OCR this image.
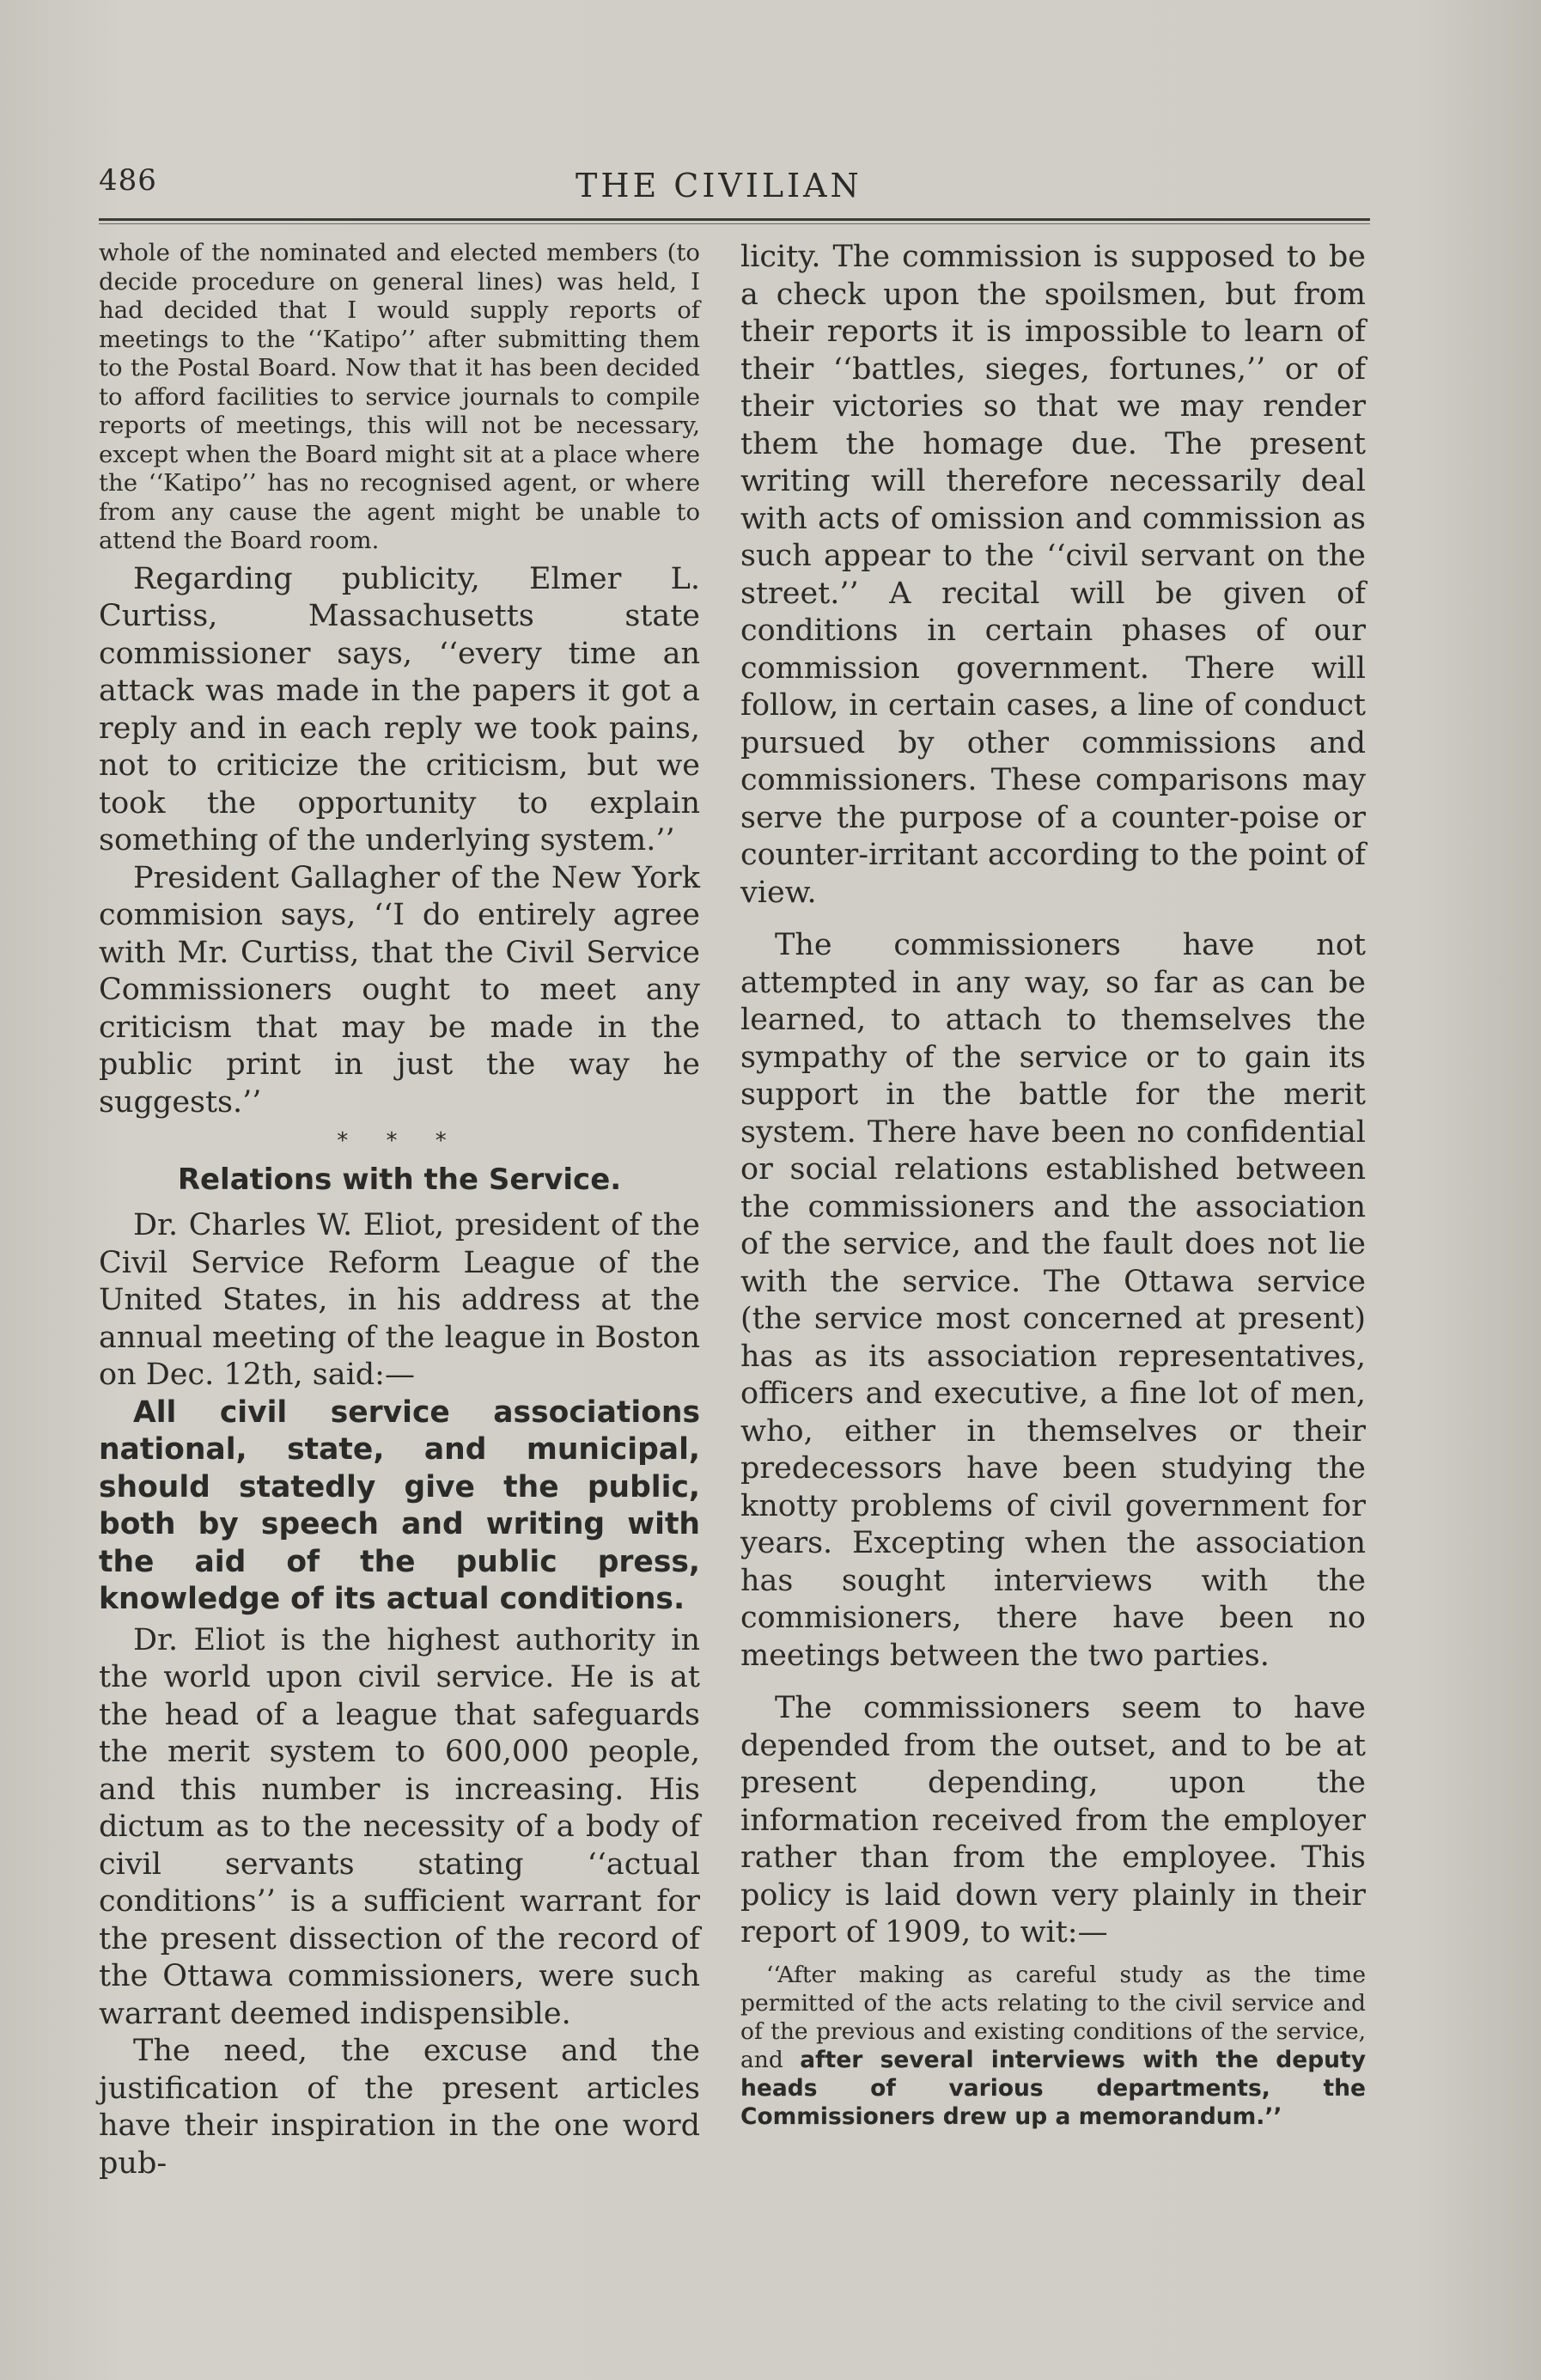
486	THE CIVILIAN

whole of the nominated and elected members (to decide procedure on general lines) was held, I had decided that I would supply reports of meetings to the ‘‘Katipo’’ after submitting them to the Postal Board. Now that it has been decided to afford facilities to service journals to compile reports of meetings, this will not be necessary, except when the Board might sit at a place where the ‘‘Katipo’’ has no recognised agent, or where from any cause the agent might be unable to attend the Board room.

Regarding publicity, Elmer L. Curtiss, Massachusetts state commissioner says, ‘‘every time an attack was made in the papers it got a reply and in each reply we took pains, not to criticize the criticism, but we took the opportunity to explain something of the underlying system.’’

President Gallagher of the New York commision says, ‘‘I do entirely agree with Mr. Curtiss, that the Civil Service Commissioners ought to meet any criticism that may be made in the public print in just the way he suggests.’’

* * *
Relations with the Service.

Dr. Charles W. Eliot, president of the Civil Service Reform League of the United States, in his address at the annual meeting of the league in Boston on Dec. 12th, said:—

All civil service associations national, state, and municipal, should statedly give the public, both by speech and writing with the aid of the public press, knowledge of its actual conditions.

Dr. Eliot is the highest authority in the world upon civil service. He is at the head of a league that safeguards the merit system to 600,000 people, and this number is increasing. His dictum as to the necessity of a body of civil servants stating ‘‘actual conditions’’ is a sufficient warrant for the present dissection of the record of the Ottawa commissioners, were such warrant deemed indispensible.

The need, the excuse and the justification of the present articles have their inspiration in the one word pub-

licity. The commission is supposed to be a check upon the spoilsmen, but from their reports it is impossible to learn of their ‘‘battles, sieges, fortunes,’’ or of their victories so that we may render them the homage due. The present writing will therefore necessarily deal with acts of omission and commission as such appear to the ‘‘civil servant on the street.’’ A recital will be given of conditions in certain phases of our commission government. There will follow, in certain cases, a line of conduct pursued by other commissions and commissioners. These comparisons may serve the purpose of a counter-poise or counter-irritant according to the point of view.

The commissioners have not attempted in any way, so far as can be learned, to attach to themselves the sympathy of the service or to gain its support in the battle for the merit system. There have been no confidential or social relations established between the commissioners and the association of the service, and the fault does not lie with the service. The Ottawa service (the service most concerned at present) has as its association representatives, officers and executive, a fine lot of men, who, either in themselves or their predecessors have been studying the knotty problems of civil government for years. Excepting when the association has sought interviews with the commisioners, there have been no meetings between the two parties.

The commissioners seem to have depended from the outset, and to be at present depending, upon the information received from the employer rather than from the employee. This policy is laid down very plainly in their report of 1909, to wit:—

‘‘After making as careful study as the time permitted of the acts relating to the civil service and of the previous and existing conditions of the service, and after several interviews with the deputy heads of various departments, the Commissioners drew up a memorandum.’’
